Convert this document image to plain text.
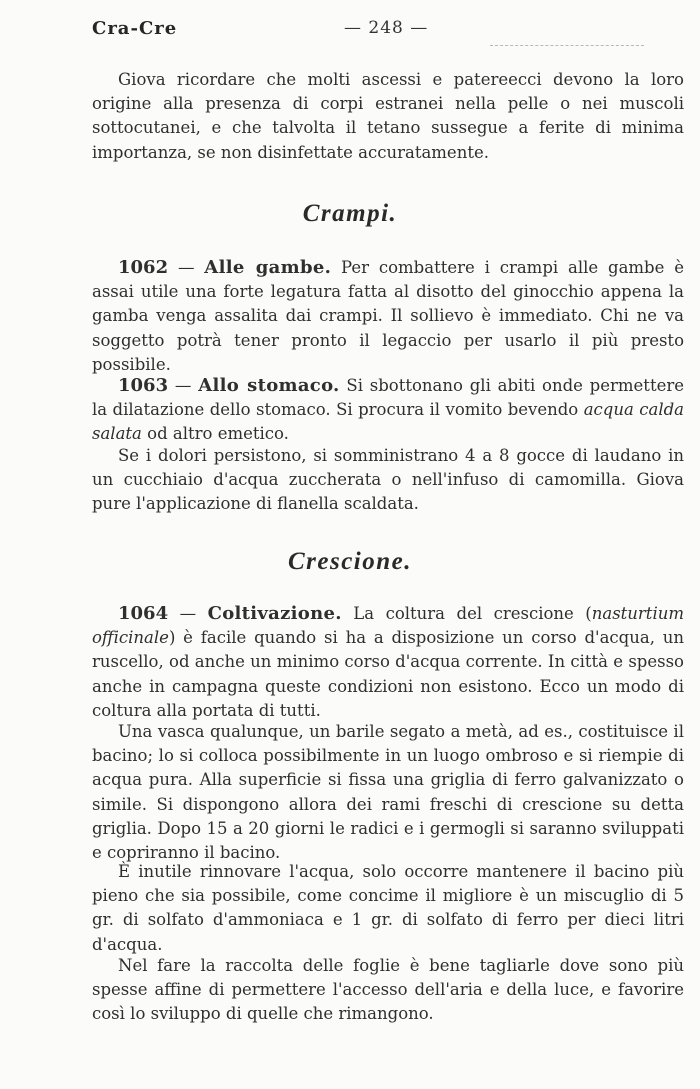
Cra-Cre	— 248 —

Giova ricordare che molti ascessi e patereecci devono la loro origine alla presenza di corpi estranei nella pelle o nei muscoli sottocutanei, e che talvolta il tetano sussegue a ferite di minima importanza, se non disinfettate accuratamente.

Crampi.

1062 — Alle gambe. Per combattere i crampi alle gambe è assai utile una forte legatura fatta al disotto del ginocchio appena la gamba venga assalita dai crampi. Il sollievo è immediato. Chi ne va soggetto potrà tener pronto il legaccio per usarlo il più presto possibile.

1063 — Allo stomaco. Si sbottonano gli abiti onde permettere la dilatazione dello stomaco. Si procura il vomito bevendo acqua calda salata od altro emetico.

Se i dolori persistono, si somministrano 4 a 8 gocce di laudano in un cucchiaio d'acqua zuccherata o nell'infuso di camomilla. Giova pure l'applicazione di flanella scaldata.

Crescione.

1064 — Coltivazione. La coltura del crescione (nasturtium officinale) è facile quando si ha a disposizione un corso d'acqua, un ruscello, od anche un minimo corso d'acqua corrente. In città e spesso anche in campagna queste condizioni non esistono. Ecco un modo di coltura alla portata di tutti.

Una vasca qualunque, un barile segato a metà, ad es., costituisce il bacino; lo si colloca possibilmente in un luogo ombroso e si riempie di acqua pura. Alla superficie si fissa una griglia di ferro galvanizzato o simile. Si dispongono allora dei rami freschi di crescione su detta griglia. Dopo 15 a 20 giorni le radici e i germogli si saranno sviluppati e copriranno il bacino.

È inutile rinnovare l'acqua, solo occorre mantenere il bacino più pieno che sia possibile, come concime il migliore è un miscuglio di 5 gr. di solfato d'ammoniaca e 1 gr. di solfato di ferro per dieci litri d'acqua.

Nel fare la raccolta delle foglie è bene tagliarle dove sono più spesse affine di permettere l'accesso dell'aria e della luce, e favorire così lo sviluppo di quelle che rimangono.
